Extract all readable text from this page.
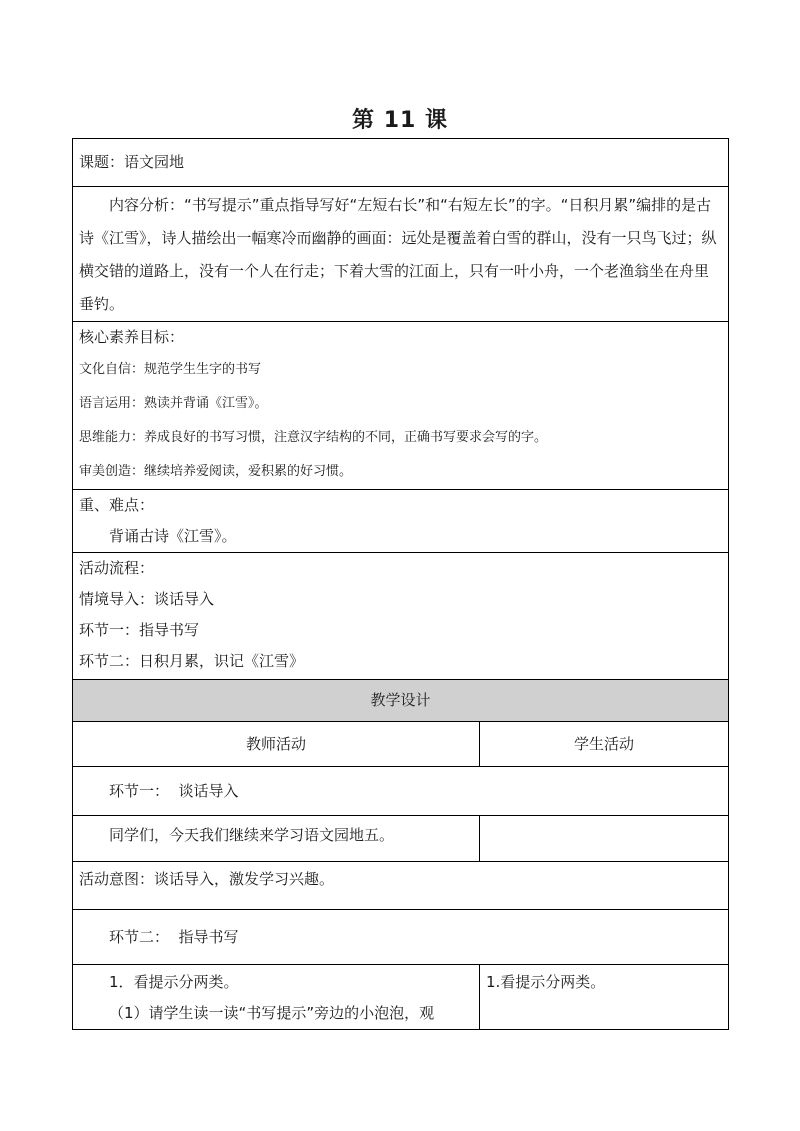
第 11 课

课题：语文园地	

内容分析：“书写提示”重点指导写好“左短右长”和“右短左长”的字。“日积月累”编排的是古诗《江雪》，诗人描绘出一幅寒冷而幽静的画面：远处是覆盖着白雪的群山，没有一只鸟飞过；纵横交错的道路上，没有一个人在行走；下着大雪的江面上，只有一叶小舟，一个老渔翁坐在舟里垂钓。	

核心素养目标：

文化自信：规范学生生字的书写

语言运用：熟读并背诵《江雪》。

思维能力：养成良好的书写习惯，注意汉字结构的不同，正确书写要求会写的字。

审美创造：继续培养爱阅读，爱积累的好习惯。	

重、难点：

背诵古诗《江雪》。	

活动流程：

情境导入：谈话导入

环节一：指导书写

环节二：日积月累，识记《江雪》	

教学设计	

教师活动	学生活动

环节一：  谈话导入	

同学们，今天我们继续来学习语文园地五。	

活动意图：谈话导入，激发学习兴趣。	

环节二：  指导书写	

1．看提示分两类。

（1）请学生读一读“书写提示”旁边的小泡泡，观	1.看提示分两类。
